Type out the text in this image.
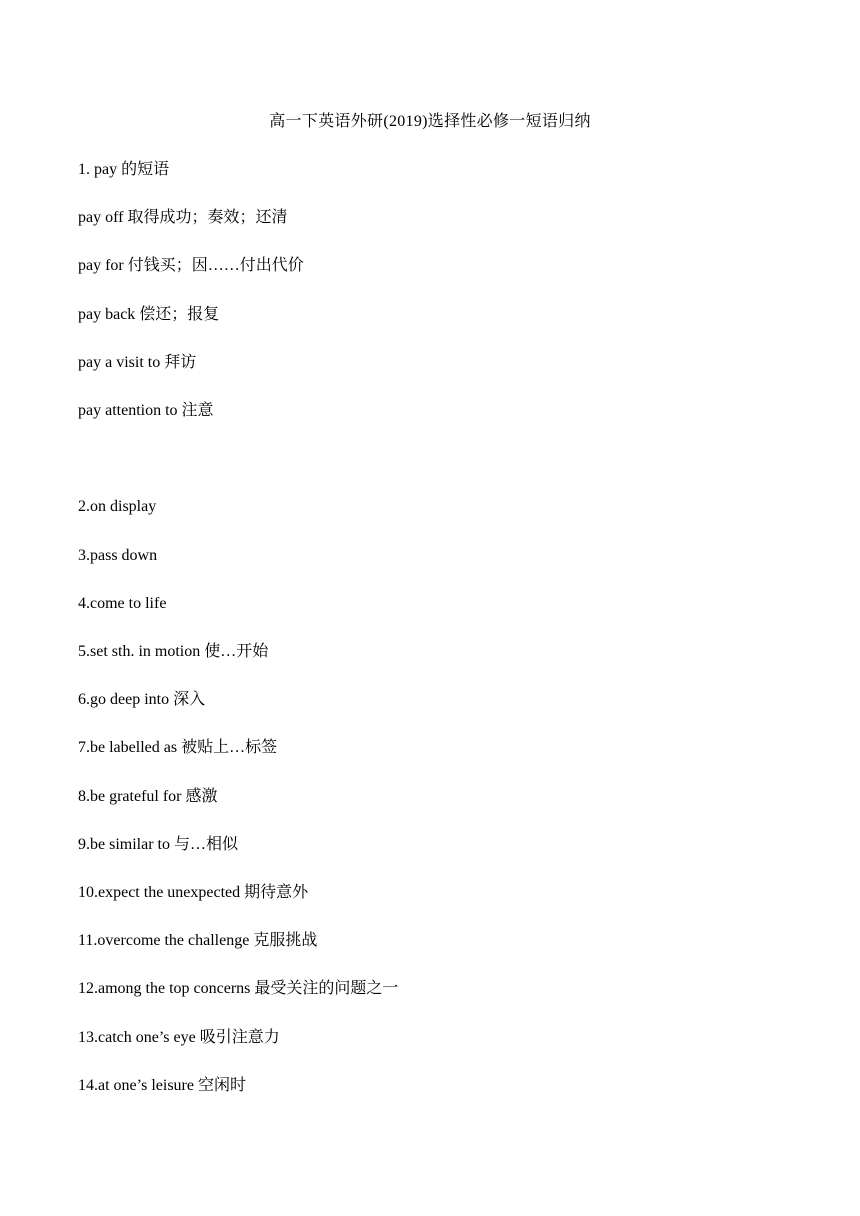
高一下英语外研(2019)选择性必修一短语归纳
1. pay 的短语
pay off 取得成功；奏效；还清
pay for 付钱买；因……付出代价
pay back 偿还；报复
pay a visit to 拜访
pay attention to 注意
2.on display
3.pass down
4.come to life
5.set sth. in motion 使…开始
6.go deep into 深入
7.be labelled as 被贴上…标签
8.be grateful for 感激
9.be similar to 与…相似
10.expect the unexpected 期待意外
11.overcome the challenge 克服挑战
12.among the top concerns 最受关注的问题之一
13.catch one’s eye 吸引注意力
14.at one’s leisure 空闲时
